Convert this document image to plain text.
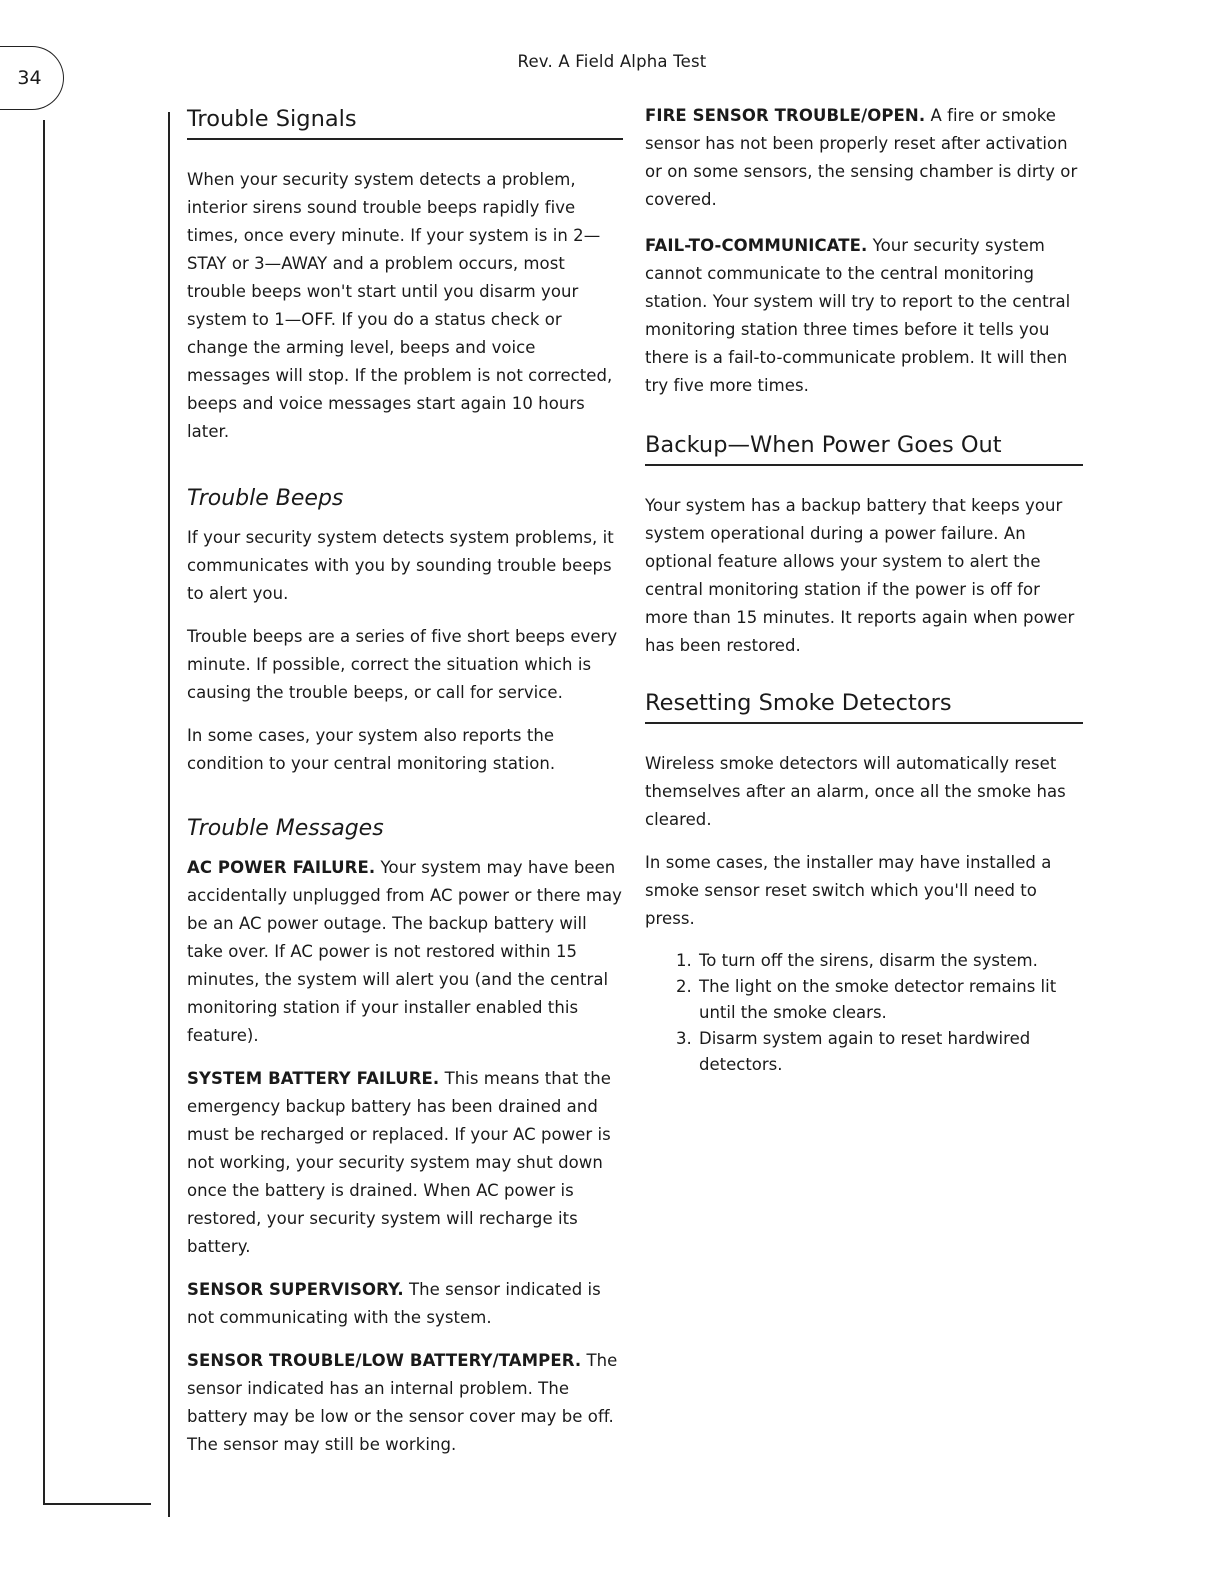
34
Rev. A Field Alpha Test
Trouble Signals

When your security system detects a problem, interior sirens sound trouble beeps rapidly five times, once every minute. If your system is in 2—STAY or 3—AWAY and a problem occurs, most trouble beeps won't start until you disarm your system to 1—OFF. If you do a status check or change the arming level, beeps and voice messages will stop. If the problem is not corrected, beeps and voice messages start again 10 hours later.

Trouble Beeps

If your security system detects system problems, it communicates with you by sounding trouble beeps to alert you.

Trouble beeps are a series of five short beeps every minute. If possible, correct the situation which is causing the trouble beeps, or call for service.

In some cases, your system also reports the condition to your central monitoring station.

Trouble Messages

AC POWER FAILURE. Your system may have been accidentally unplugged from AC power or there may be an AC power outage. The backup battery will take over. If AC power is not restored within 15 minutes, the system will alert you (and the central monitoring station if your installer enabled this feature).

SYSTEM BATTERY FAILURE. This means that the emergency backup battery has been drained and must be recharged or replaced. If your AC power is not working, your security system may shut down once the battery is drained. When AC power is restored, your security system will recharge its battery.

SENSOR SUPERVISORY. The sensor indicated is not communicating with the system.

SENSOR TROUBLE/LOW BATTERY/TAMPER. The sensor indicated has an internal problem. The battery may be low or the sensor cover may be off. The sensor may still be working.

FIRE SENSOR TROUBLE/OPEN. A fire or smoke sensor has not been properly reset after activation or on some sensors, the sensing chamber is dirty or covered.

FAIL-TO-COMMUNICATE. Your security system cannot communicate to the central monitoring station. Your system will try to report to the central monitoring station three times before it tells you there is a fail-to-communicate problem. It will then try five more times.

Backup—When Power Goes Out

Your system has a backup battery that keeps your system operational during a power failure. An optional feature allows your system to alert the central monitoring station if the power is off for more than 15 minutes. It reports again when power has been restored.

Resetting Smoke Detectors

Wireless smoke detectors will automatically reset themselves after an alarm, once all the smoke has cleared.

In some cases, the installer may have installed a smoke sensor reset switch which you'll need to press.

1. To turn off the sirens, disarm the system.
2. The light on the smoke detector remains lit until the smoke clears.
3. Disarm system again to reset hardwired detectors.
